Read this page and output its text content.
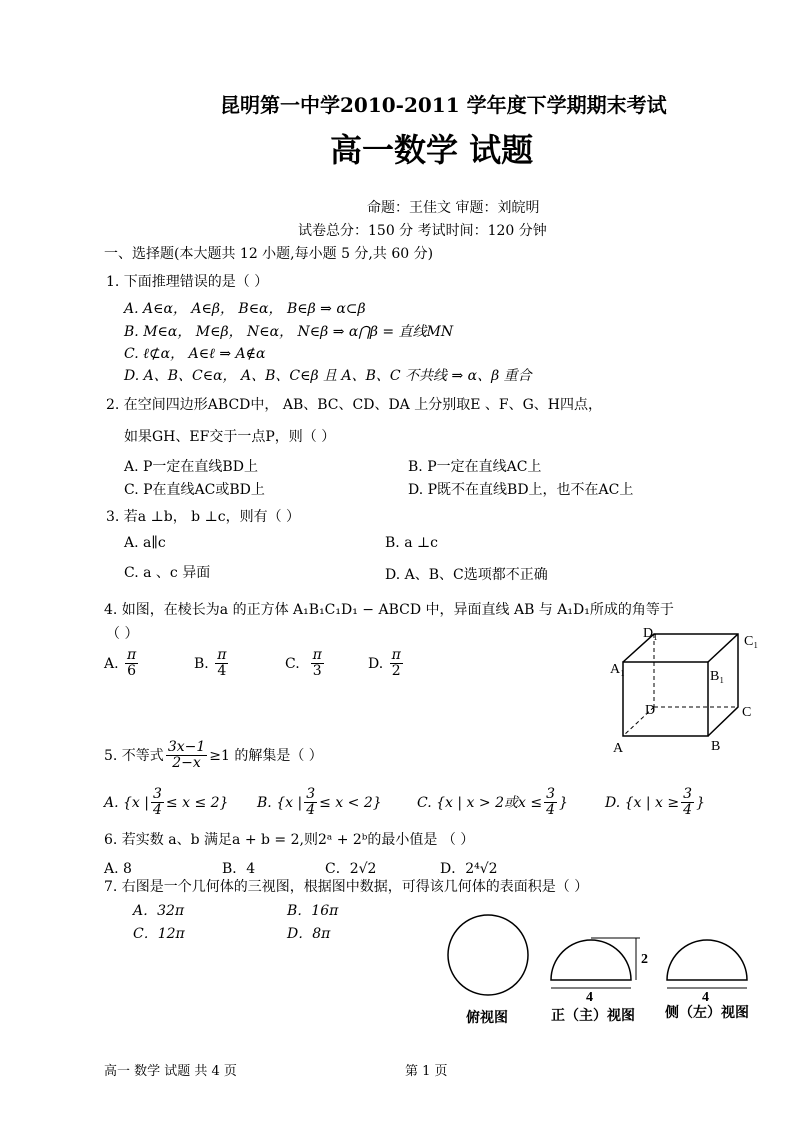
昆明第一中学2010-2011 学年度下学期期末考试
高一数学 试题
命题：王佳文 审题：刘皖明
试卷总分：150 分 考试时间：120 分钟
一、选择题(本大题共 12 小题,每小题 5 分,共 60 分)
1. 下面推理错误的是（ ）
A. A∈α， A∈β， B∈α， B∈β ⇒ α⊂β
B. M∈α， M∈β， N∈α， N∈β ⇒ α⋂β = 直线MN
C. ℓ⊄α， A∈ℓ ⇒ A∉α
D. A、B、C∈α， A、B、C∈β 且 A、B、C 不共线 ⇒ α、β 重合
2. 在空间四边形ABCD中， AB、BC、CD、DA 上分别取E 、F、G、H四点，
如果GH、EF交于一点P，则（ ）
A. P一定在直线BD上	B. P一定在直线AC上
C. P在直线AC或BD上	D. P既不在直线BD上，也不在AC上
3. 若a ⊥b， b ⊥c，则有（ ）
A. a∥c	B. a ⊥c
C. a 、c 异面	D. A、B、C选项都不正确
4. 如图，在棱长为a 的正方体 A₁B₁C₁D₁ − ABCD 中，异面直线 AB 与 A₁D₁所成的角等于
（ ）
A. $\frac{\pi}{6}$	B. $\frac{\pi}{4}$	C. $\frac{\pi}{3}$	D. $\frac{\pi}{2}$
D₁
C₁
A₁	B₁
D	C
A	B
5. 不等式 $\frac{3x-1}{2-x} \ge 1$ 的解集是（ ）
A. {x | $\frac{3}{4} \le x \le 2$} B. {x | $\frac{3}{4} \le x < 2$}	C. {x | x > 2或$x \le \frac{3}{4}$ }	D. {x | $x \ge \frac{3}{4}$ }
6. 若实数 a、b 满足a + b = 2,则2ᵃ + 2ᵇ的最小值是 （ ）
A. 8	B．4	C．2√2	D．2⁴√2
7. 右图是一个几何体的三视图，根据图中数据，可得该几何体的表面积是（ ）
A．32π	B．16π
C．12π	D．8π
4
2
4
俯视图	正（主）视图 侧（左）视图
高一 数学 试题 共 4 页	第 1 页
